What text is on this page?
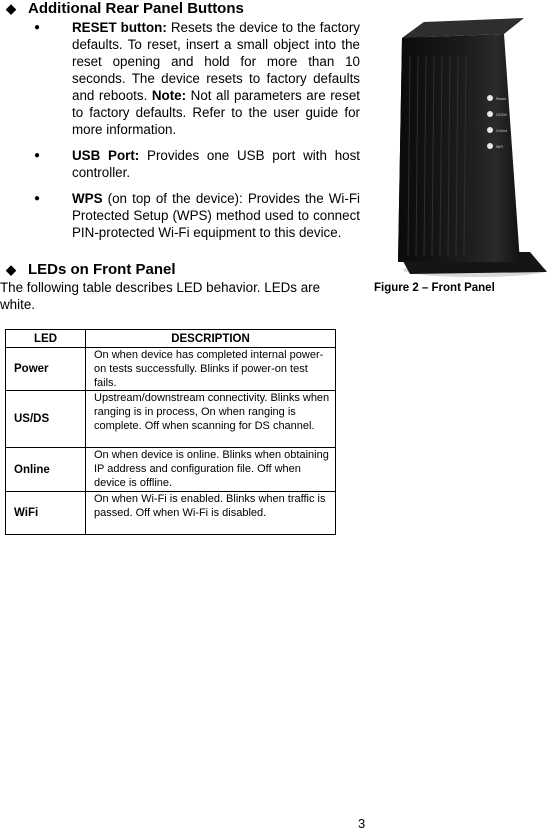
◆ Additional Rear Panel Buttons
●	RESET button: Resets the device to the factory defaults. To reset, insert a small object into the reset opening and hold for more than 10 seconds. The device resets to factory defaults and reboots. Note: Not all parameters are reset to factory defaults. Refer to the user guide for more information.
●	USB Port: Provides one USB port with host controller.
●	WPS (on top of the device): Provides the Wi-Fi Protected Setup (WPS) method used to connect PIN-protected Wi-Fi equipment to this device.
◆ LEDs on Front Panel
The following table describes LED behavior. LEDs are white.
LED	DESCRIPTION
Power	On when device has completed internal power-on tests successfully. Blinks if power-on test fails.
US/DS	Upstream/downstream connectivity. Blinks when ranging is in process, On when ranging is complete. Off when scanning for DS channel.
Online	On when device is online. Blinks when obtaining IP address and configuration file. Off when device is offline.
WiFi	On when Wi-Fi is enabled. Blinks when traffic is passed. Off when Wi-Fi is disabled.
Power
US/DS
Online
WiFi
Figure 2 – Front Panel
3
